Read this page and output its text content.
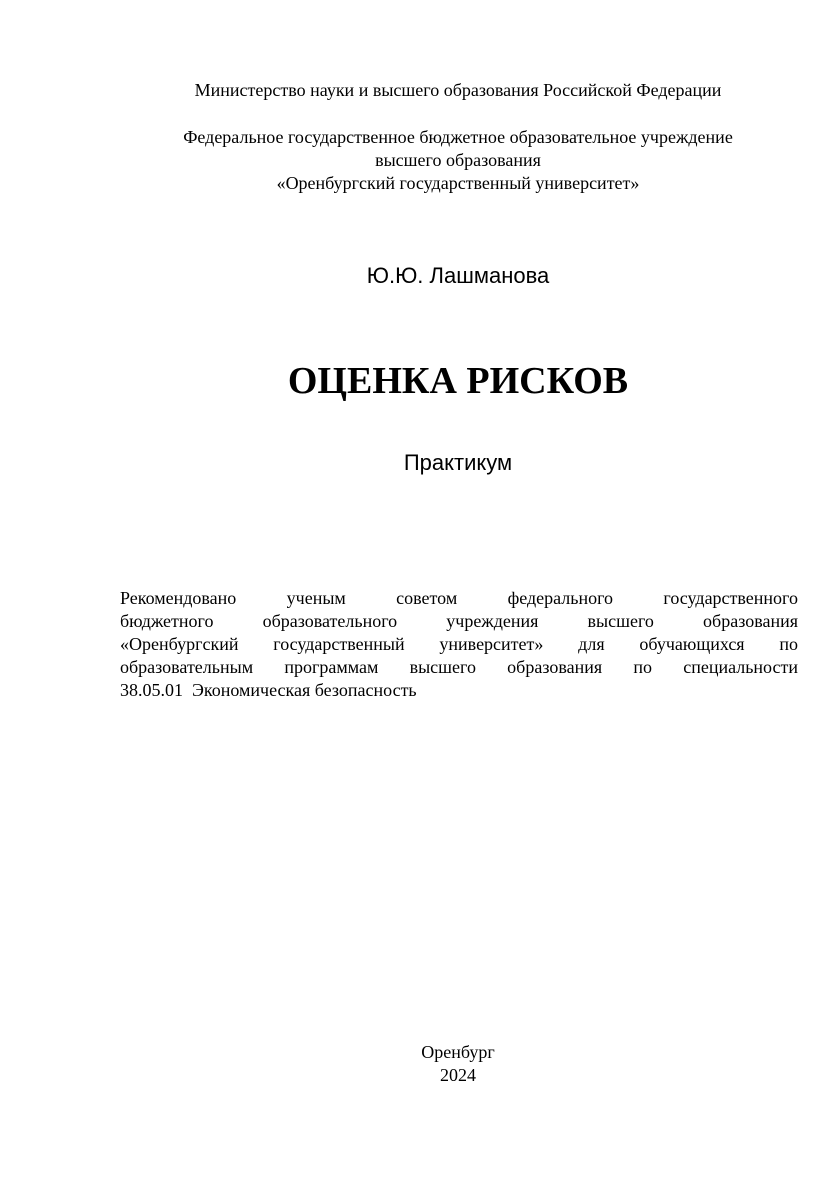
Министерство науки и высшего образования Российской Федерации
Федеральное государственное бюджетное образовательное учреждение
высшего образования
«Оренбургский государственный университет»
Ю.Ю. Лашманова
ОЦЕНКА РИСКОВ
Практикум
Рекомендовано ученым советом федерального государственного
бюджетного образовательного учреждения высшего образования
«Оренбургский государственный университет» для обучающихся по
образовательным программам высшего образования по специальности
38.05.01  Экономическая безопасность
Оренбург
2024
